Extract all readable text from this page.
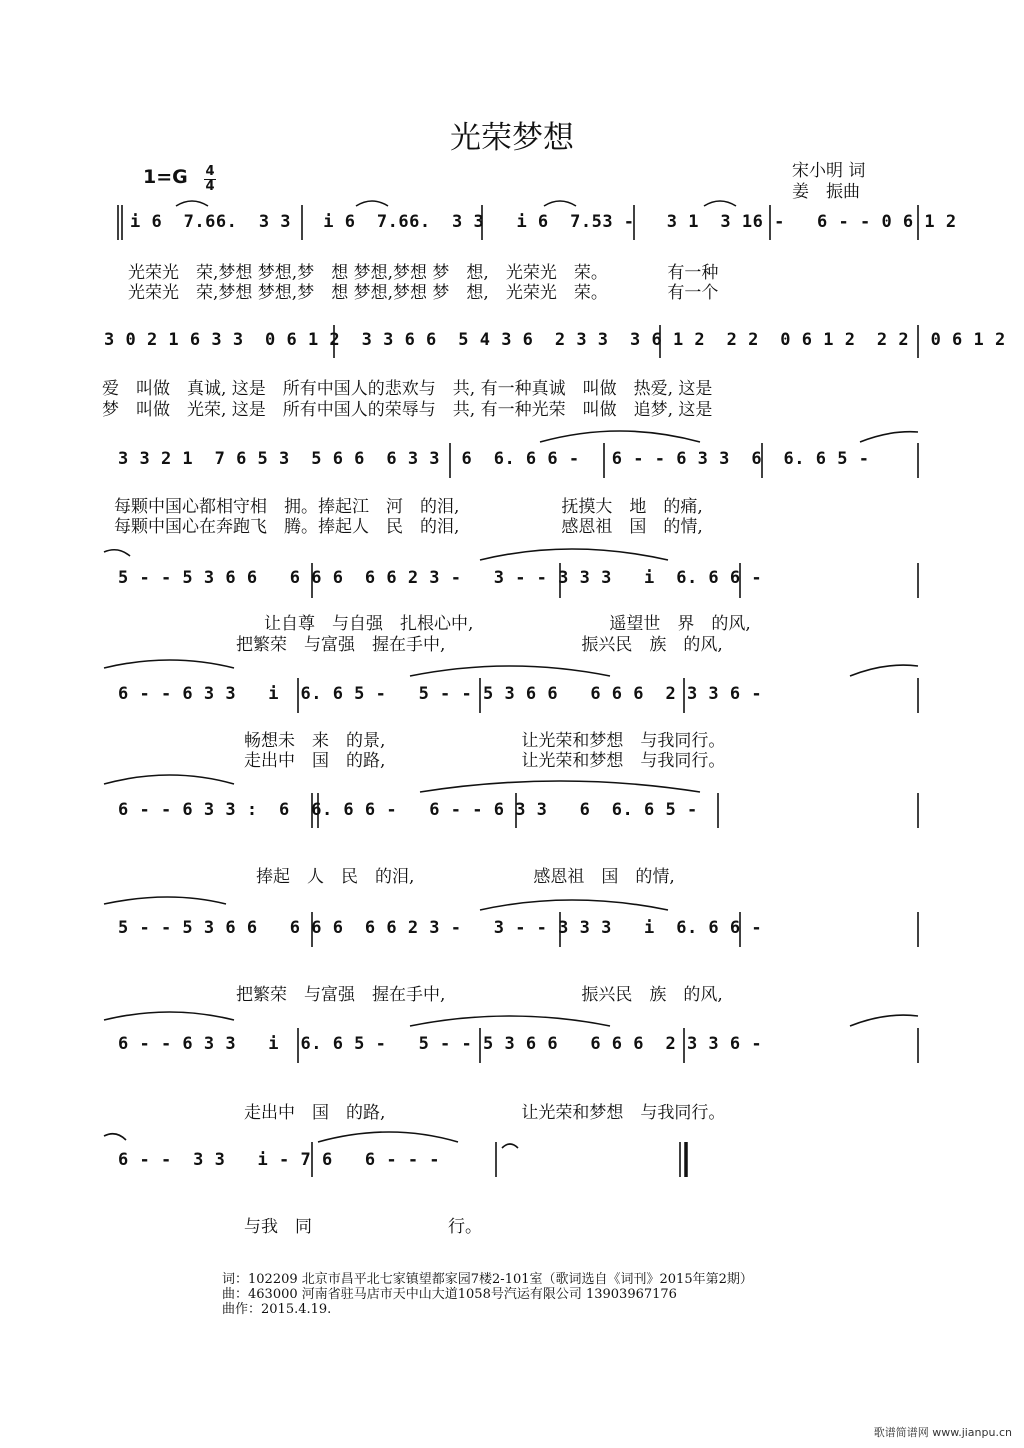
光荣梦想
宋小明 词
姜　振曲
1=G 4
4
i 6  7.66.  3 3   i 6  7.66.  3 3   i 6  7.53 -   3 1  3 16 -   6 - - 0 6 1 2
光荣光　荣,梦想 梦想,梦　想 梦想,梦想 梦　想,　光荣光　荣。　　　　有一种
光荣光　荣,梦想 梦想,梦　想 梦想,梦想 梦　想,　光荣光　荣。　　　　有一个
3 0 2 1 6 3 3  0 6 1 2  3 3 6 6  5 4 3 6  2 3 3  3 6 1 2  2 2  0 6 1 2  2 2  0 6 1 2
爱　叫做　真诚, 这是　所有中国人的悲欢与　共, 有一种真诚　叫做　热爱, 这是
梦　叫做　光荣, 这是　所有中国人的荣辱与　共, 有一种光荣　叫做　追梦, 这是
3 3 2 1  7 6 5 3  5 6 6  6 3 3  6  6. 6 6 -   6 - - 6 3 3  6  6. 6 5 -
每颗中国心都相守相　拥。捧起江　河　的泪,　　　　　　抚摸大　地　的痛,
每颗中国心在奔跑飞　腾。捧起人　民　的泪,　　　　　　感恩祖　国　的情,
5 - - 5 3 6 6   6 6 6  6 6 2 3 -   3 - - 3 3 3   i  6. 6 6 -
让自尊　与自强　扎根心中,　　　　　　　　遥望世　界　的风,
把繁荣　与富强　握在手中,　　　　　　　　振兴民　族　的风,
6 - - 6 3 3   i  6. 6 5 -   5 - - 5 3 6 6   6 6 6  2 3 3 6 -
畅想未　来　的景,　　　　　　　　让光荣和梦想　与我同行。
走出中　国　的路,　　　　　　　　让光荣和梦想　与我同行。
6 - - 6 3 3 :  6  6. 6 6 -   6 - - 6 3 3   6  6. 6 5 -
捧起　人　民　的泪,　　　　　　　感恩祖　国　的情,
5 - - 5 3 6 6   6 6 6  6 6 2 3 -   3 - - 3 3 3   i  6. 6 6 -
把繁荣　与富强　握在手中,　　　　　　　　振兴民　族　的风,
6 - - 6 3 3   i  6. 6 5 -   5 - - 5 3 6 6   6 6 6  2 3 3 6 -
走出中　国　的路,　　　　　　　　让光荣和梦想　与我同行。
6 - -  3 3   i - 7 6   6 - - -
与我　同　　　　　　　　行。
词：102209 北京市昌平北七家镇望都家园7楼2-101室（歌词选自《词刊》2015年第2期）
曲：463000 河南省驻马店市天中山大道1058号汽运有限公司 13903967176
曲作：2015.4.19.
歌谱简谱网 www.jianpu.cn
